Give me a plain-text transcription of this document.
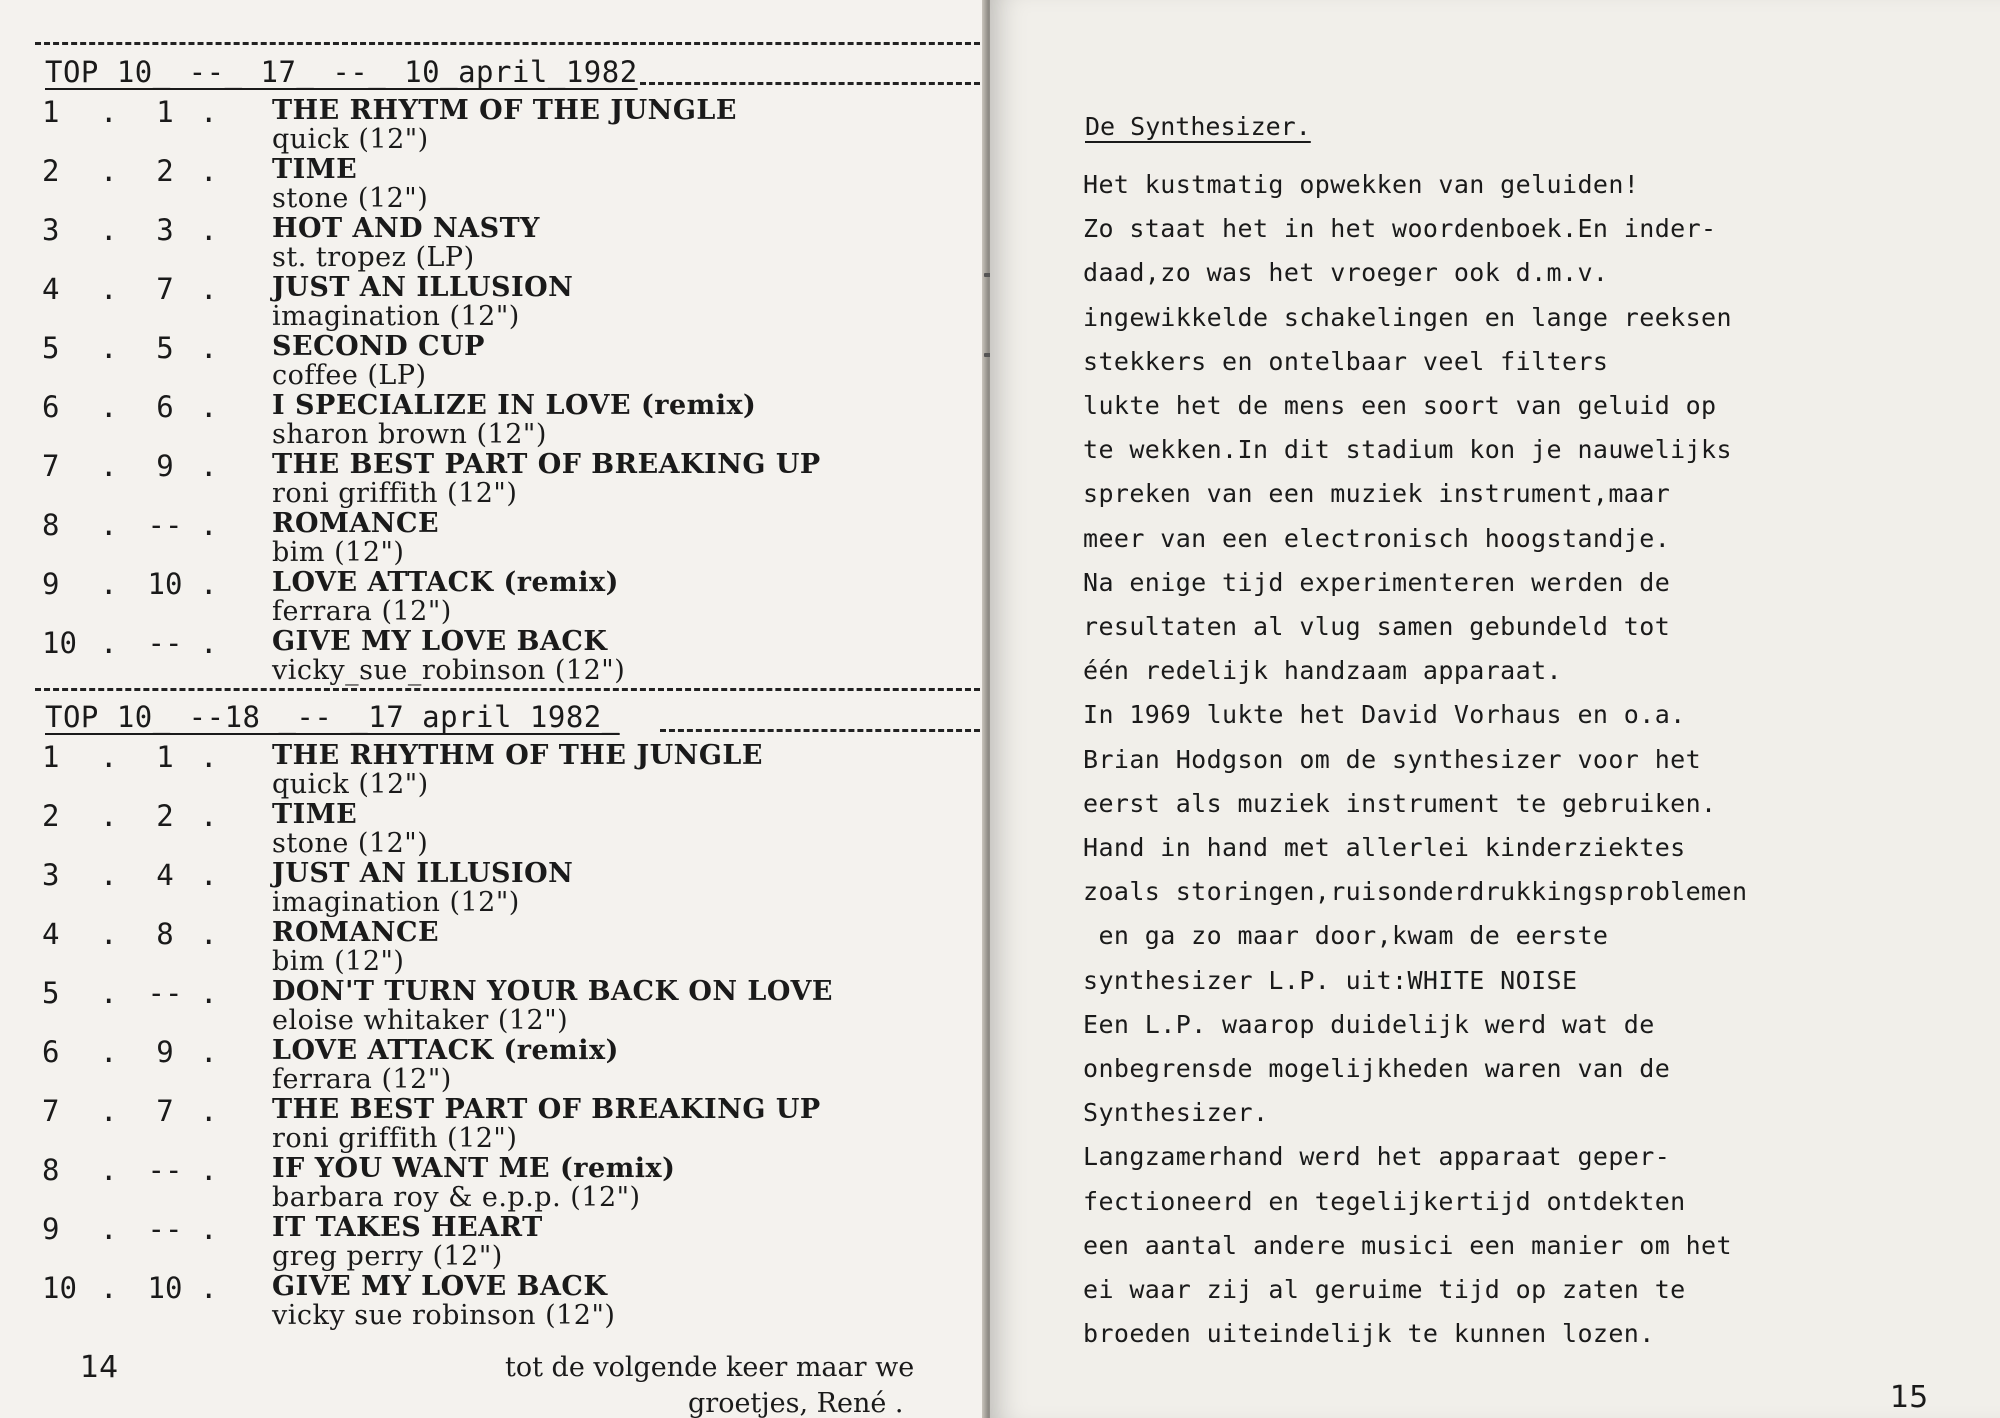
TOP 10_ --_ 17_ --_ 10_april_1982
1	.	1 . THE RHYTM OF THE JUNGLE
quick (12")
2	.	2 . TIME
stone (12")
3	.	3 . HOT AND NASTY
st. tropez (LP)
4	.	7 . JUST AN ILLUSION
imagination (12")
5	.	5 . SECOND CUP
coffee (LP)
6	.	6 . I SPECIALIZE IN LOVE (remix)
sharon brown (12")
7	.	9 . THE BEST PART OF BREAKING UP
roni griffith (12")
8	. -- . ROMANCE
bim (12")
9	. 10 . LOVE ATTACK (remix)
ferrara (12")
10 . -- . GIVE MY LOVE BACK
vicky_sue_robinson (12")
TOP 10_ --18 _-- _17 april 1982_
1	.	1 . THE RHYTHM OF THE JUNGLE
quick (12")
2	.	2 . TIME
stone (12")
3	.	4 . JUST AN ILLUSION
imagination (12")
4	.	8 . ROMANCE
bim (12")
5	. -- . DON'T TURN YOUR BACK ON LOVE
eloise whitaker (12")
6	.	9 . LOVE ATTACK (remix)
ferrara (12")
7	.	7 . THE BEST PART OF BREAKING UP
roni griffith (12")
8	. -- . IF YOU WANT ME (remix)
barbara roy & e.p.p. (12")
9	. -- . IT TAKES HEART
greg perry (12")
10 . 10 . GIVE MY LOVE BACK
vicky sue robinson (12")
14	tot de volgende keer maar we
groetjes, René .
De Synthesizer.
Het kustmatig opwekken van geluiden!
Zo staat het in het woordenboek.En inder-
daad,zo was het vroeger ook d.m.v.
ingewikkelde schakelingen en lange reeksen
stekkers en ontelbaar veel filters
lukte het de mens een soort van geluid op
te wekken.In dit stadium kon je nauwelijks
spreken van een muziek instrument,maar
meer van een electronisch hoogstandje.
Na enige tijd experimenteren werden de
resultaten al vlug samen gebundeld tot
één redelijk handzaam apparaat.
In 1969 lukte het David Vorhaus en o.a.
Brian Hodgson om de synthesizer voor het
eerst als muziek instrument te gebruiken.
Hand in hand met allerlei kinderziektes
zoals storingen,ruisonderdrukkingsproblemen
en ga zo maar door,kwam de eerste
synthesizer L.P. uit:WHITE NOISE
Een L.P. waarop duidelijk werd wat de
onbegrensde mogelijkheden waren van de
Synthesizer.
Langzamerhand werd het apparaat geper-
fectioneerd en tegelijkertijd ontdekten
een aantal andere musici een manier om het
ei waar zij al geruime tijd op zaten te
broeden uiteindelijk te kunnen lozen.
15
